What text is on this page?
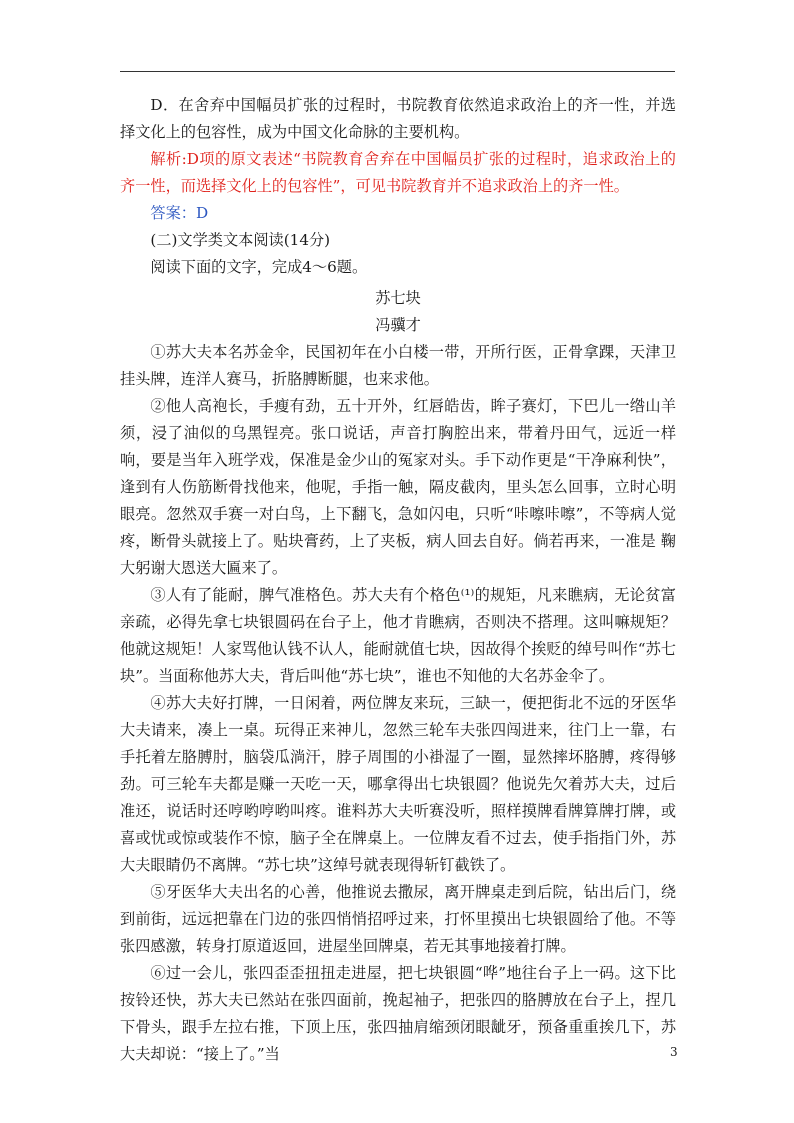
D．在舍弃中国幅员扩张的过程时，书院教育依然追求政治上的齐一性，并选择文化上的包容性，成为中国文化命脉的主要机构。

解析:D项的原文表述“书院教育舍弃在中国幅员扩张的过程时，追求政治上的齐一性，而选择文化上的包容性”，可见书院教育并不追求政治上的齐一性。

答案：D

(二)文学类文本阅读(14分)

阅读下面的文字，完成4～6题。

苏七块

冯骥才

①苏大夫本名苏金伞，民国初年在小白楼一带，开所行医，正骨拿踝，天津卫挂头牌，连洋人赛马，折胳膊断腿，也来求他。

②他人高袍长，手瘦有劲，五十开外，红唇皓齿，眸子赛灯，下巴儿一绺山羊须，浸了油似的乌黑锃亮。张口说话，声音打胸腔出来，带着丹田气，远近一样响，要是当年入班学戏，保准是金少山的冤家对头。手下动作更是“干净麻利快”，逢到有人伤筋断骨找他来，他呢，手指一触，隔皮截肉，里头怎么回事，立时心明眼亮。忽然双手赛一对白鸟，上下翻飞，急如闪电，只听“咔嚓咔嚓”，不等病人觉疼，断骨头就接上了。贴块膏药，上了夹板，病人回去自好。倘若再来，一准是 鞠大躬谢大恩送大匾来了。

③人有了能耐，脾气准格色。苏大夫有个格色⁽¹⁾的规矩，凡来瞧病，无论贫富亲疏，必得先拿七块银圆码在台子上，他才肯瞧病，否则决不搭理。这叫嘛规矩？他就这规矩！人家骂他认钱不认人，能耐就值七块，因故得个挨贬的绰号叫作“苏七块”。当面称他苏大夫，背后叫他“苏七块”，谁也不知他的大名苏金伞了。

④苏大夫好打牌，一日闲着，两位牌友来玩，三缺一，便把街北不远的牙医华大夫请来，凑上一桌。玩得正来神儿，忽然三轮车夫张四闯进来，往门上一靠，右手托着左胳膊肘，脑袋瓜淌汗，脖子周围的小褂湿了一圈，显然摔坏胳膊，疼得够劲。可三轮车夫都是赚一天吃一天，哪拿得出七块银圆？他说先欠着苏大夫，过后准还，说话时还哼哟哼哟叫疼。谁料苏大夫听赛没听，照样摸牌看牌算牌打牌，或喜或忧或惊或装作不惊，脑子全在牌桌上。一位牌友看不过去，使手指指门外，苏大夫眼睛仍不离牌。“苏七块”这绰号就表现得斩钉截铁了。

⑤牙医华大夫出名的心善，他推说去撒尿，离开牌桌走到后院，钻出后门，绕到前街，远远把靠在门边的张四悄悄招呼过来，打怀里摸出七块银圆给了他。不等张四感激，转身打原道返回，进屋坐回牌桌，若无其事地接着打牌。

⑥过一会儿，张四歪歪扭扭走进屋，把七块银圆“哗”地往台子上一码。这下比按铃还快，苏大夫已然站在张四面前，挽起袖子，把张四的胳膊放在台子上，捏几下骨头，跟手左拉右推，下顶上压，张四抽肩缩颈闭眼龇牙，预备重重挨几下，苏大夫却说：“接上了。”当	3
